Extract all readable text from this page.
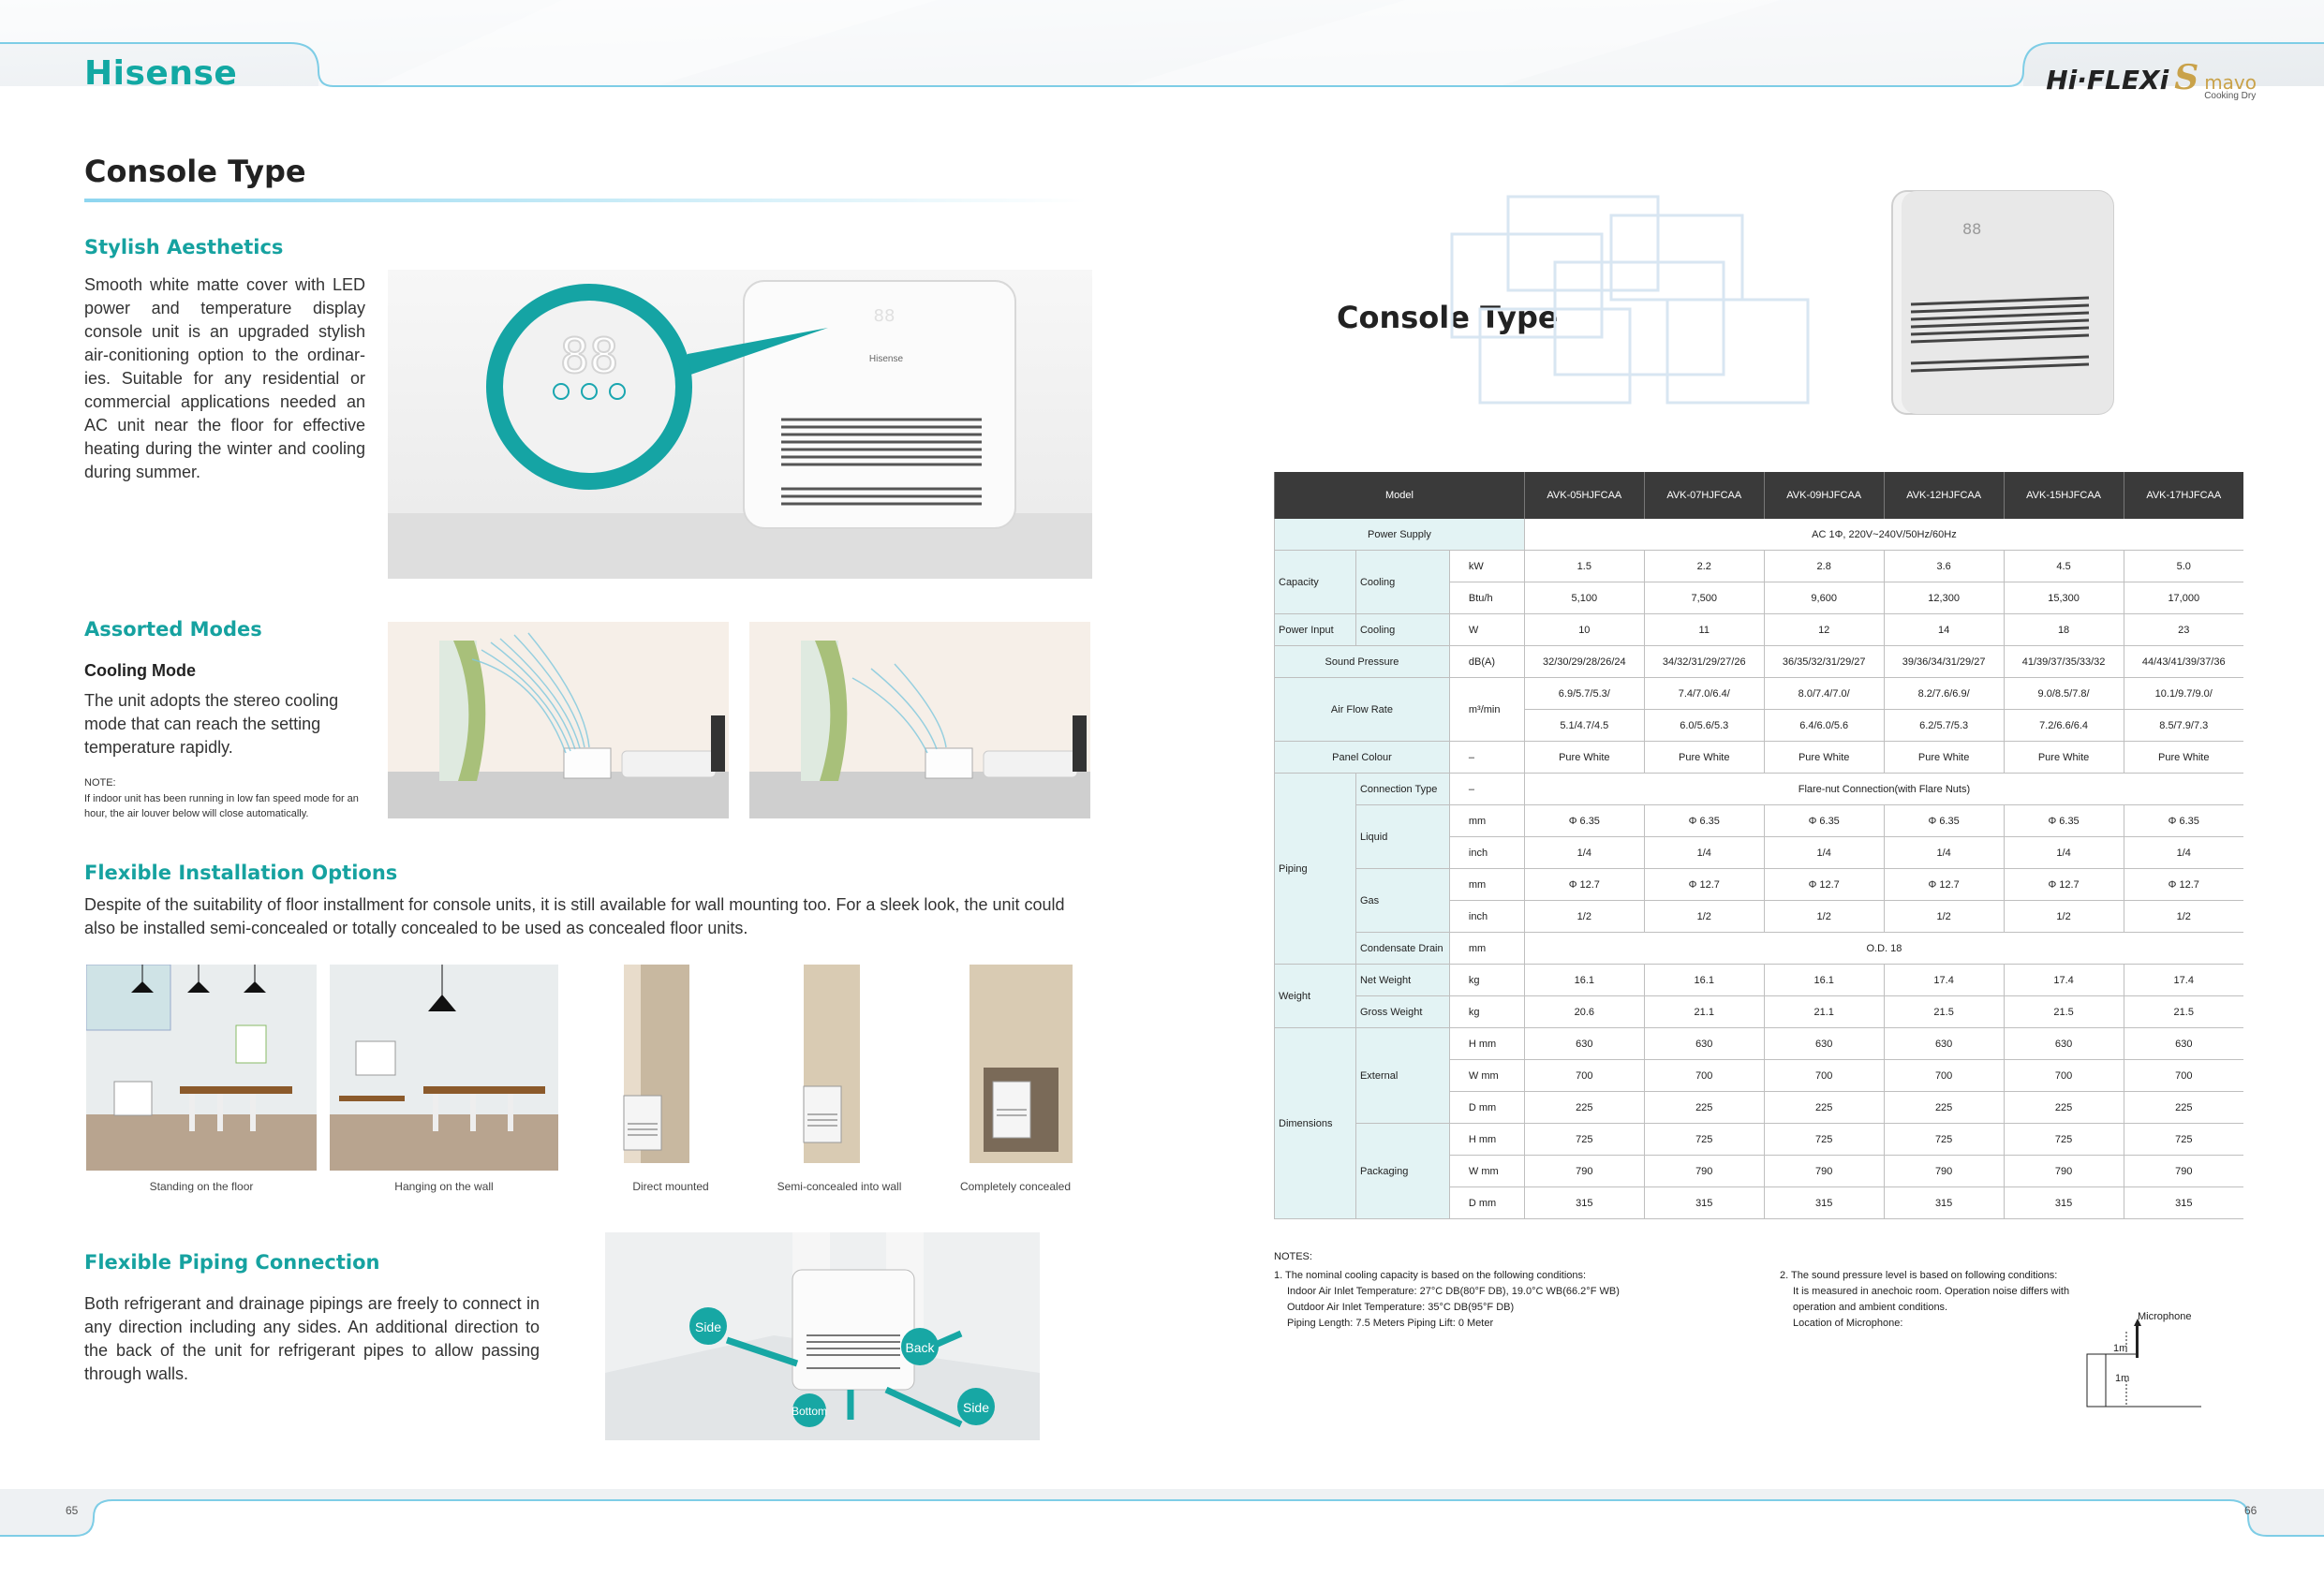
Hisense	Hi·FLEXi S mavo
Cooking Dry
Console Type
Stylish Aesthetics
Smooth white matte cover with LED power and temperature display console unit is an upgraded stylish air-conitioning option to the ordinar-ies. Suitable for any residential or commercial applications needed an AC unit near the floor for effective heating during the winter and cooling during summer.
88
Hisense
88
Assorted Modes
Cooling Mode
The unit adopts the stereo cooling mode that can reach the setting temperature rapidly.
NOTE:
If indoor unit has been running in low fan speed mode for an hour, the air louver below will close automatically.
Flexible Installation Options
Despite of the suitability of floor installment for console units, it is still available for wall mounting too. For a sleek look, the unit could also be installed semi-concealed or totally concealed to be used as concealed floor units.
Standing on the floor	Hanging on the wall	Direct mounted	Semi-concealed into wall	Completely concealed
Flexible Piping Connection
Both refrigerant and drainage pipings are freely to connect in any direction including any sides. An additional direction to the back of the unit for refrigerant pipes to allow passing through walls.
Side
Back
Bottom	Side
65
Console Type
88
Model			AVK-05HJFCAA	AVK-07HJFCAA	AVK-09HJFCAA	AVK-12HJFCAA	AVK-15HJFCAA	AVK-17HJFCAA
Power Supply			AC 1Φ, 220V~240V/50Hz/60Hz					
Capacity	Cooling	kW	1.5	2.2	2.8	3.6	4.5	5.0
		Btu/h	5,100	7,500	9,600	12,300	15,300	17,000
Power Input	Cooling	W	10	11	12	14	18	23
Sound Pressure		dB(A)	32/30/29/28/26/24	34/32/31/29/27/26	36/35/32/31/29/27	39/36/34/31/29/27	41/39/37/35/33/32	44/43/41/39/37/36
Air Flow Rate		m³/min	6.9/5.7/5.3/	7.4/7.0/6.4/	8.0/7.4/7.0/	8.2/7.6/6.9/	9.0/8.5/7.8/	10.1/9.7/9.0/
			5.1/4.7/4.5	6.0/5.6/5.3	6.4/6.0/5.6	6.2/5.7/5.3	7.2/6.6/6.4	8.5/7.9/7.3
Panel Colour		–	Pure White	Pure White	Pure White	Pure White	Pure White	Pure White
Piping	Connection Type	–	Flare-nut Connection(with Flare Nuts)					
	Liquid	mm	Φ 6.35	Φ 6.35	Φ 6.35	Φ 6.35	Φ 6.35	Φ 6.35
		inch	1/4	1/4	1/4	1/4	1/4	1/4
	Gas	mm	Φ 12.7	Φ 12.7	Φ 12.7	Φ 12.7	Φ 12.7	Φ 12.7
		inch	1/2	1/2	1/2	1/2	1/2	1/2
	Condensate Drain	mm	O.D. 18					
Weight	Net Weight	kg	16.1	16.1	16.1	17.4	17.4	17.4
	Gross Weight	kg	20.6	21.1	21.1	21.5	21.5	21.5
Dimensions	External	H mm	630	630	630	630	630	630
		W mm	700	700	700	700	700	700
		D mm	225	225	225	225	225	225
	Packaging	H mm	725	725	725	725	725	725
		W mm	790	790	790	790	790	790
		D mm	315	315	315	315	315	315
NOTES:
1. The nominal cooling capacity is based on the following conditions:
Indoor Air Inlet Temperature: 27°C DB(80°F DB), 19.0°C WB(66.2°F WB)
Outdoor Air Inlet Temperature: 35°C DB(95°F DB)
Piping Length: 7.5 Meters Piping Lift: 0 Meter
2. The sound pressure level is based on following conditions:
It is measured in anechoic room. Operation noise differs with
operation and ambient conditions.
Location of Microphone:
Microphone
1m
1m
66
